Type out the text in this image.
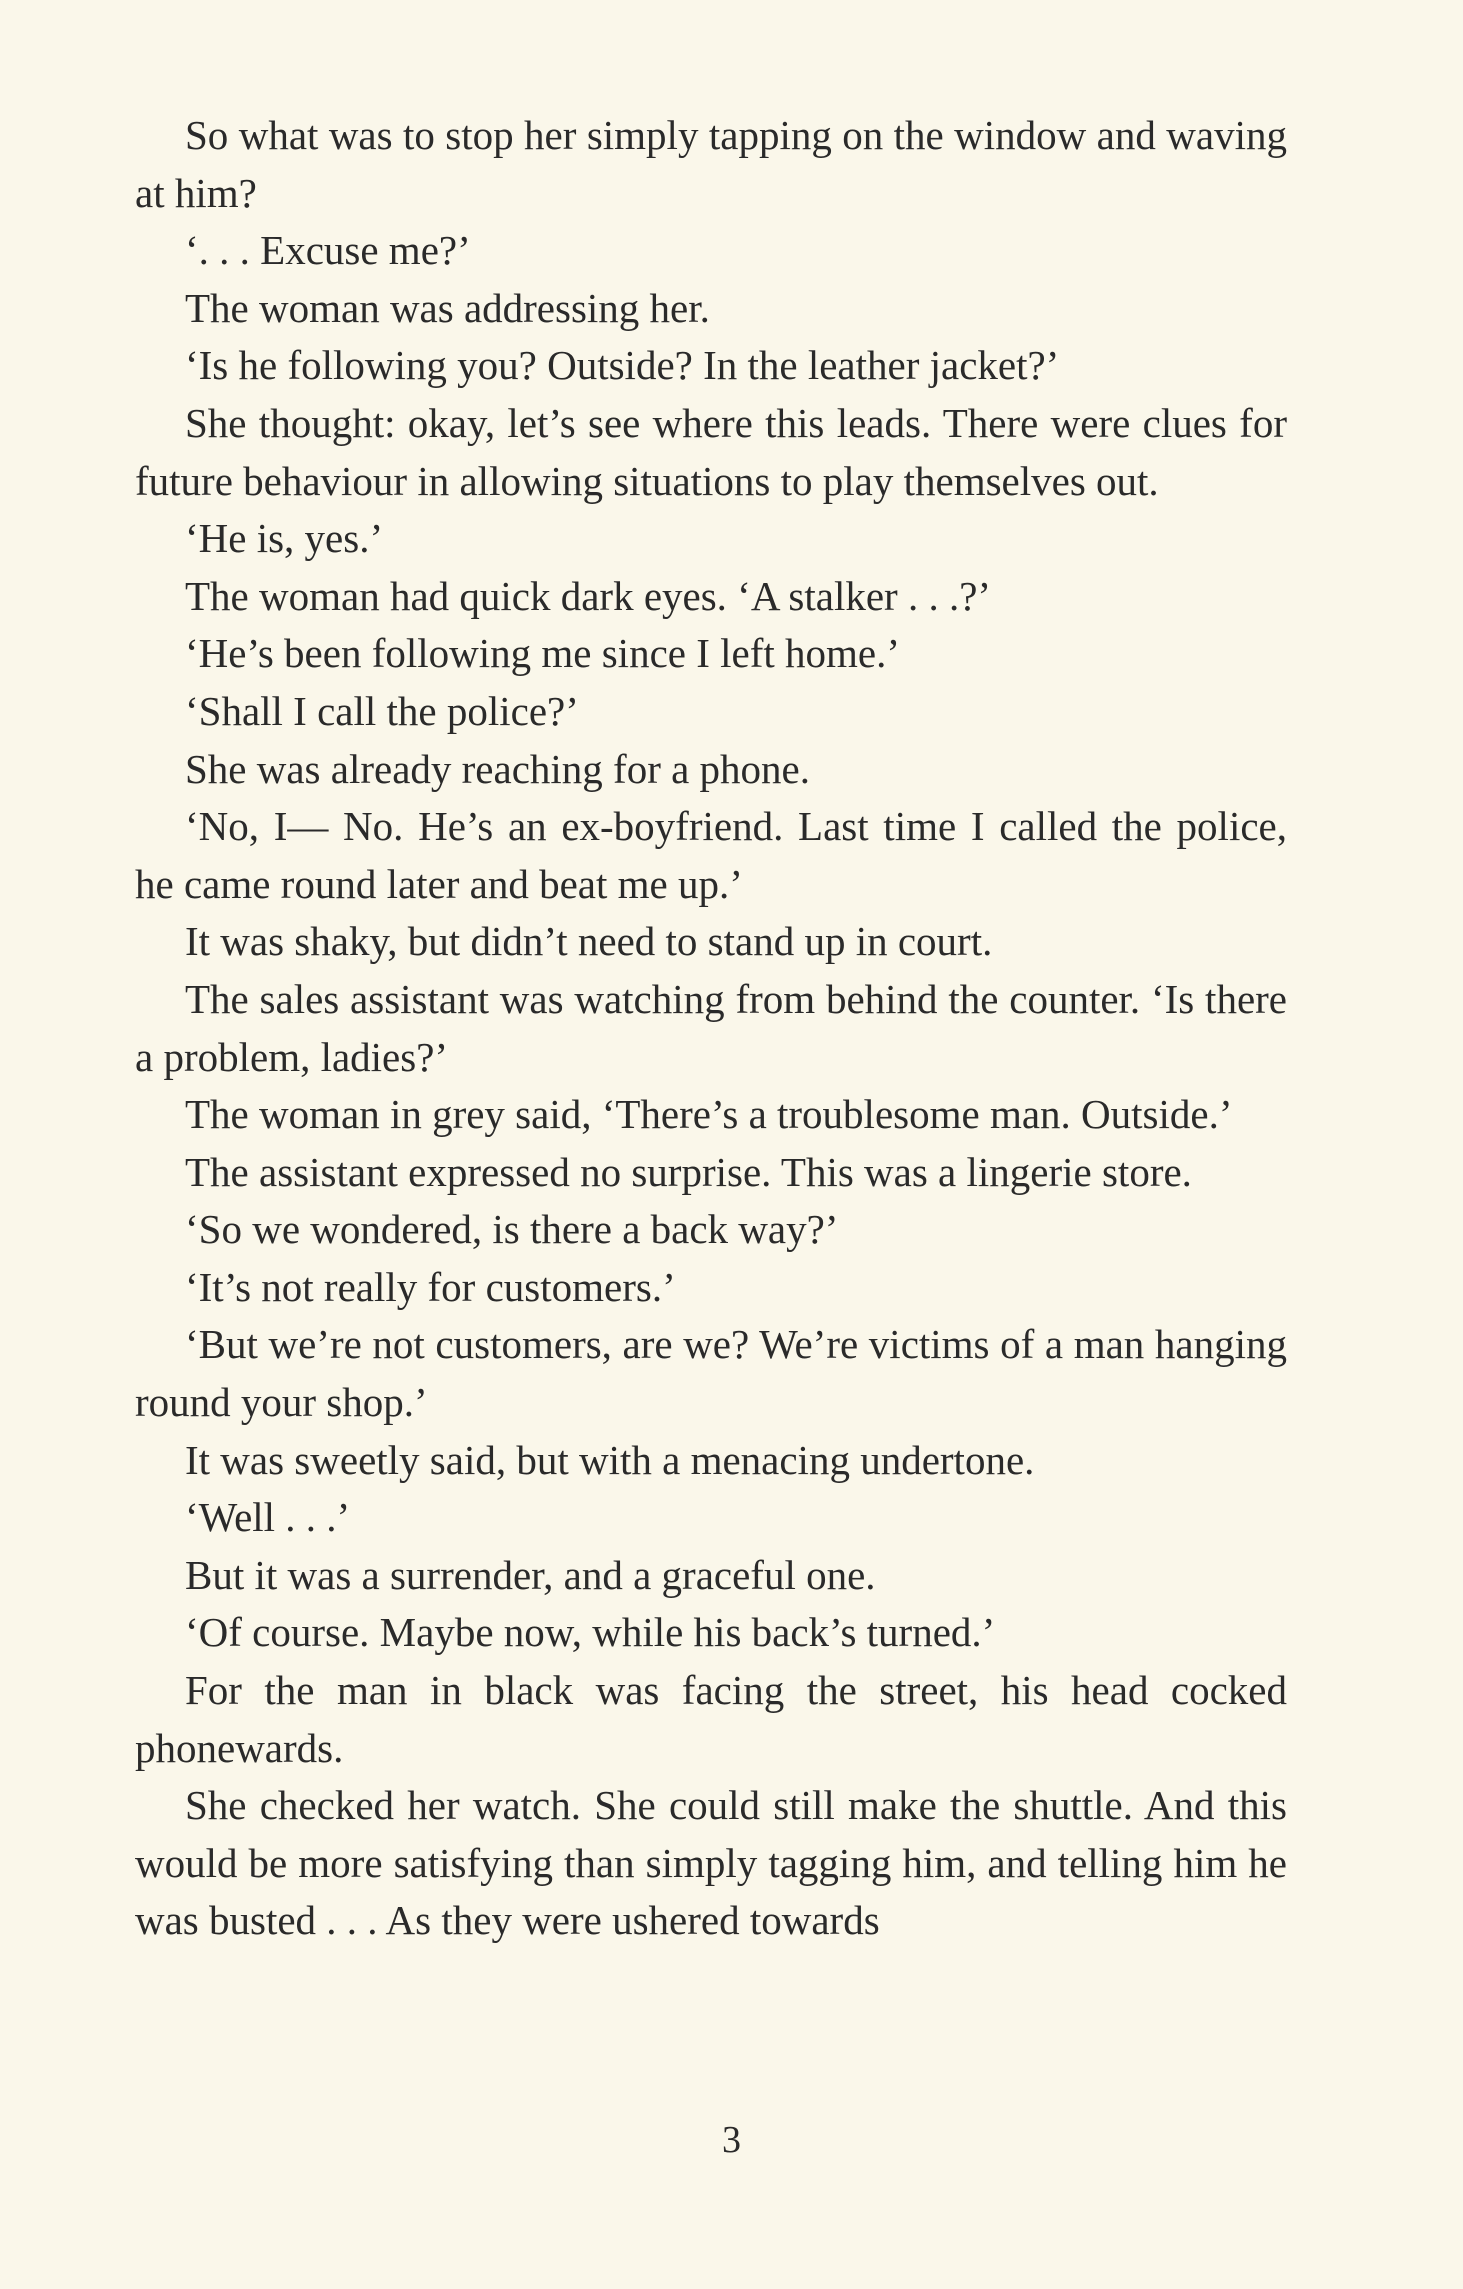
So what was to stop her simply tapping on the window and waving at him?

‘. . . Excuse me?’

The woman was addressing her.

‘Is he following you? Outside? In the leather jacket?’

She thought: okay, let’s see where this leads. There were clues for future behaviour in allowing situations to play themselves out.

‘He is, yes.’

The woman had quick dark eyes. ‘A stalker . . .?’

‘He’s been following me since I left home.’

‘Shall I call the police?’

She was already reaching for a phone.

‘No, I— No. He’s an ex-boyfriend. Last time I called the police, he came round later and beat me up.’

It was shaky, but didn’t need to stand up in court.

The sales assistant was watching from behind the counter. ‘Is there a problem, ladies?’

The woman in grey said, ‘There’s a troublesome man. Outside.’

The assistant expressed no surprise. This was a lingerie store.

‘So we wondered, is there a back way?’

‘It’s not really for customers.’

‘But we’re not customers, are we? We’re victims of a man hanging round your shop.’

It was sweetly said, but with a menacing undertone.

‘Well . . .’

But it was a surrender, and a graceful one.

‘Of course. Maybe now, while his back’s turned.’

For the man in black was facing the street, his head cocked phonewards.

She checked her watch. She could still make the shuttle. And this would be more satisfying than simply tagging him, and telling him he was busted . . . As they were ushered towards

3
